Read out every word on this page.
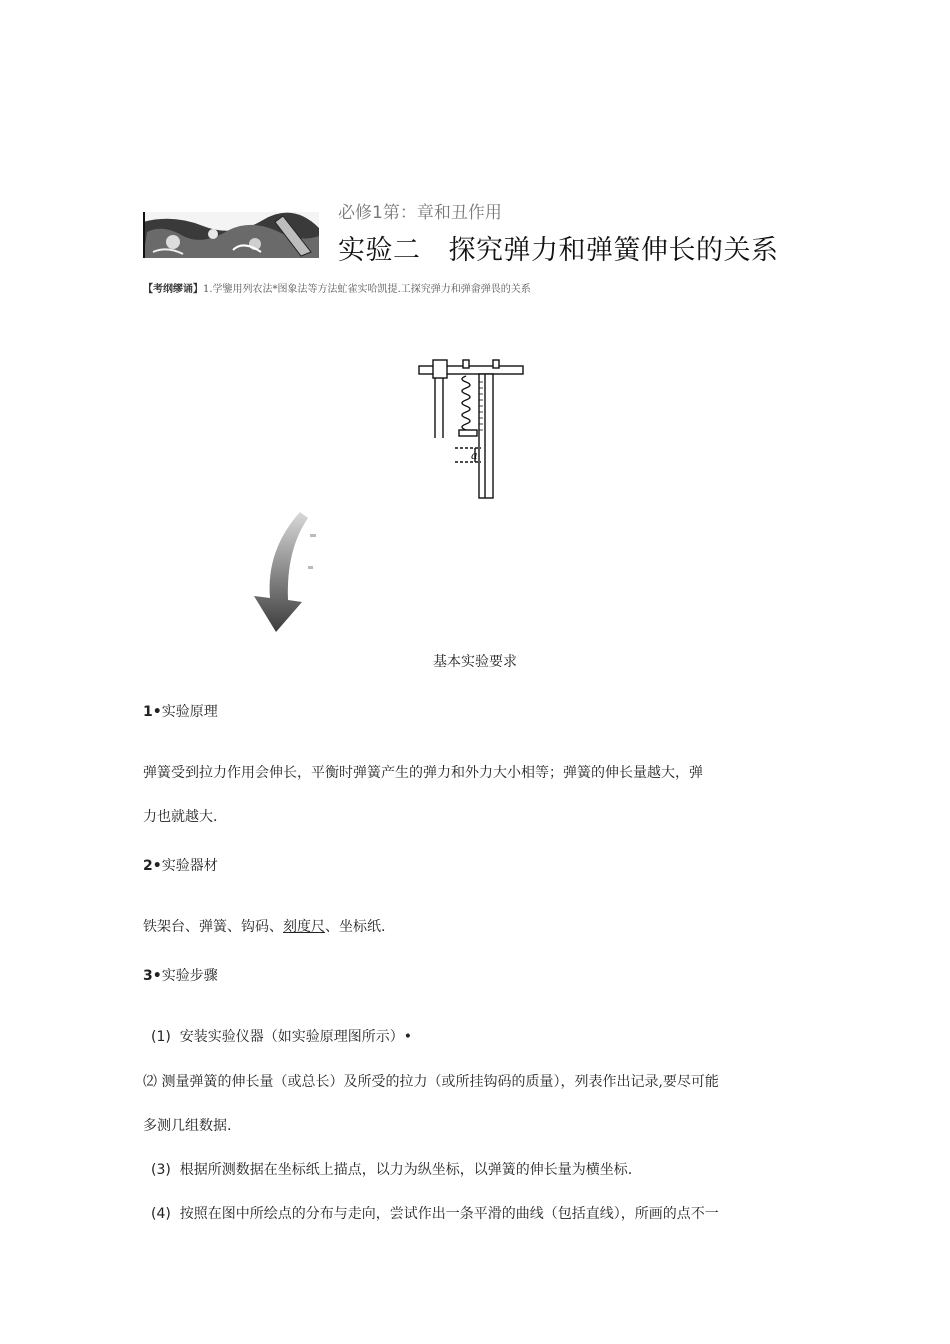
必修1第：章和丑作用
实验二 探究弹力和弹簧伸长的关系
【考纲缪诵】1.学鑒用列农法*图象法等方法虻雀实哈凯提.工探究弹力和弹畲弹畏的关系
a
基本实验要求
1•实验原理
弹簧受到拉力作用会伸长，平衡时弹簧产生的弹力和外力大小相等；弹簧的伸长量越大，弹
力也就越大.
2•实验器材
铁架台、弹簧、钩码、刻度尺、坐标纸.
3•实验步骤
(1) 安装实验仪器（如实验原理图所示）•
⑵ 测量弹簧的伸长量（或总长）及所受的拉力（或所挂钩码的质量），列表作出记录,要尽可能
多测几组数据.
(3) 根据所测数据在坐标纸上描点，以力为纵坐标，以弹簧的伸长量为横坐标.
(4) 按照在图中所绘点的分布与走向，尝试作出一条平滑的曲线（包括直线），所画的点不一
